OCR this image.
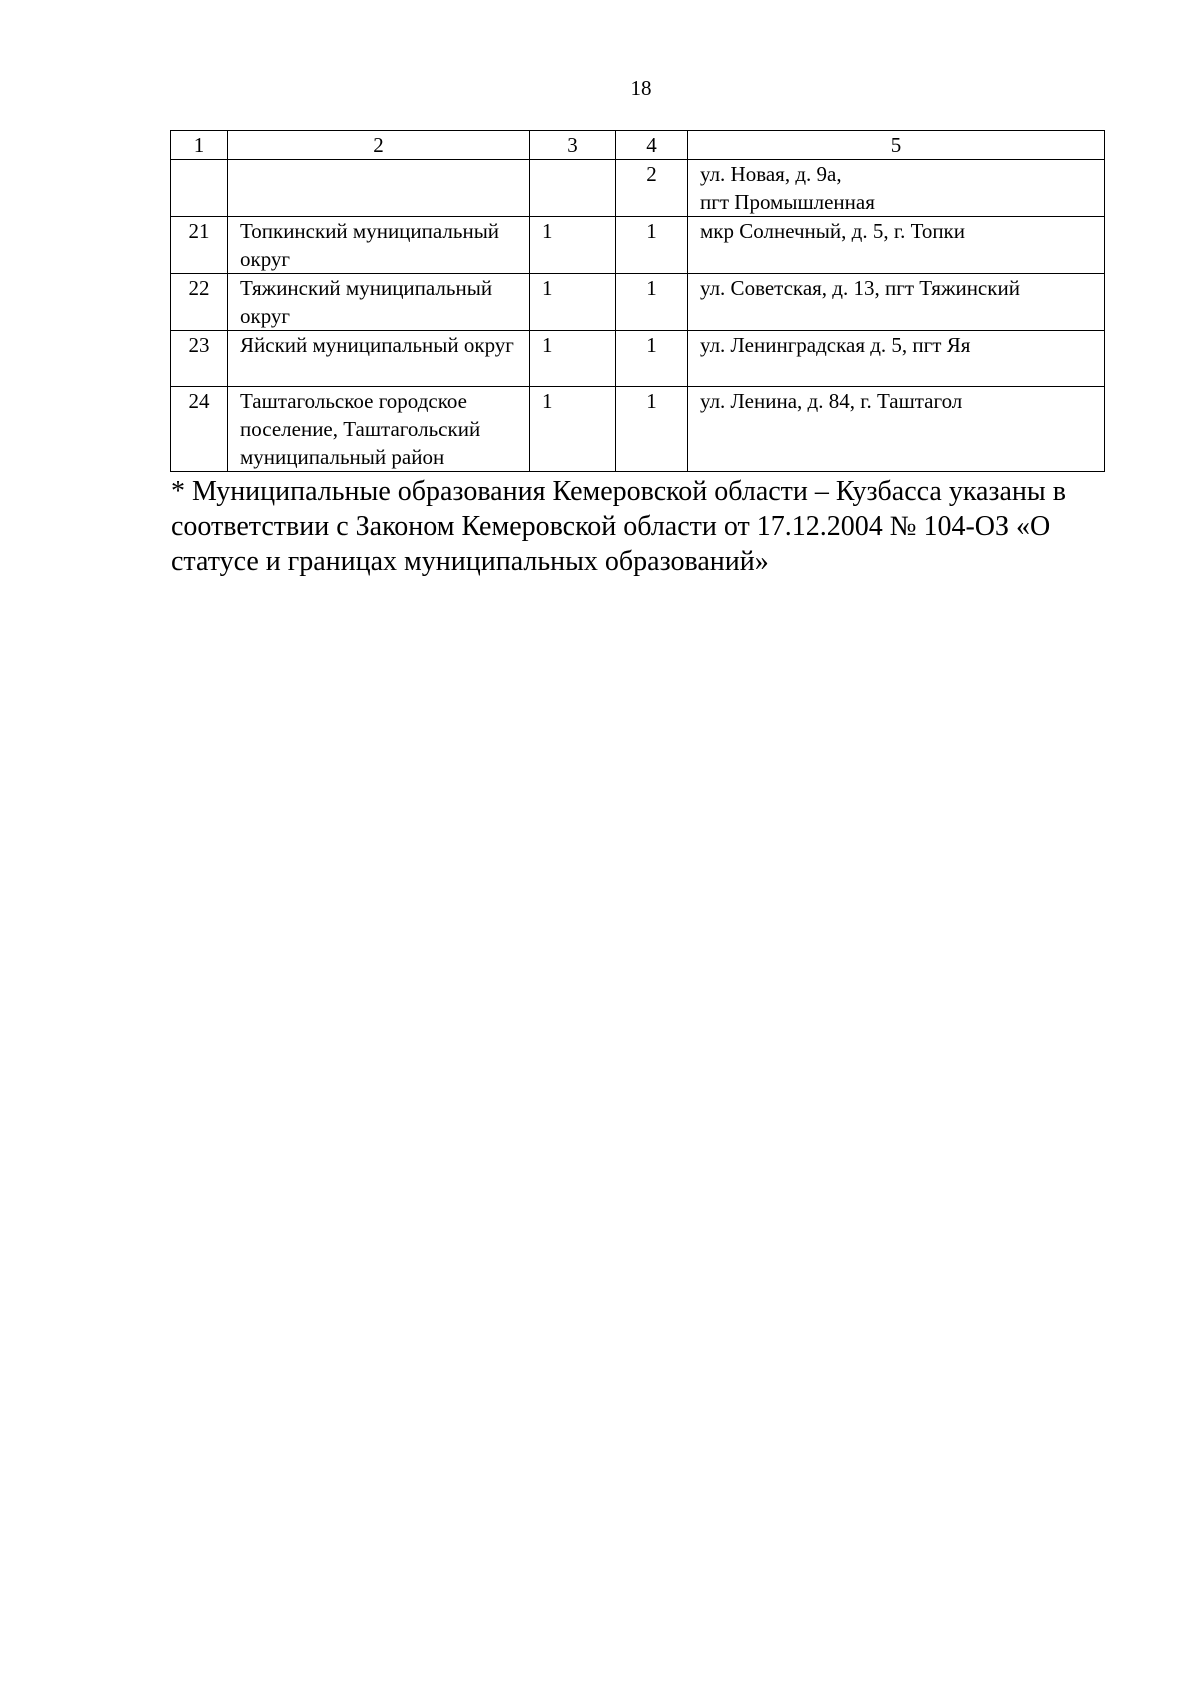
18
1	2	3	4	5
			2	ул. Новая, д. 9а,
пгт Промышленная

21	Топкинский муниципальный округ	1	1	мкр Солнечный, д. 5, г. Топки

22	Тяжинский муниципальный округ	1	1	ул. Советская, д. 13, пгт Тяжинский

23	Яйский муниципальный округ	1	1	ул. Ленинградская д. 5, пгт Яя

24	Таштагольское городское поселение, Таштагольский муниципальный район	1	1	ул. Ленина, д. 84, г. Таштагол
* Муниципальные образования Кемеровской области – Кузбасса указаны в соответствии с Законом Кемеровской области от 17.12.2004 № 104-ОЗ «О статусе и границах муниципальных образований»
